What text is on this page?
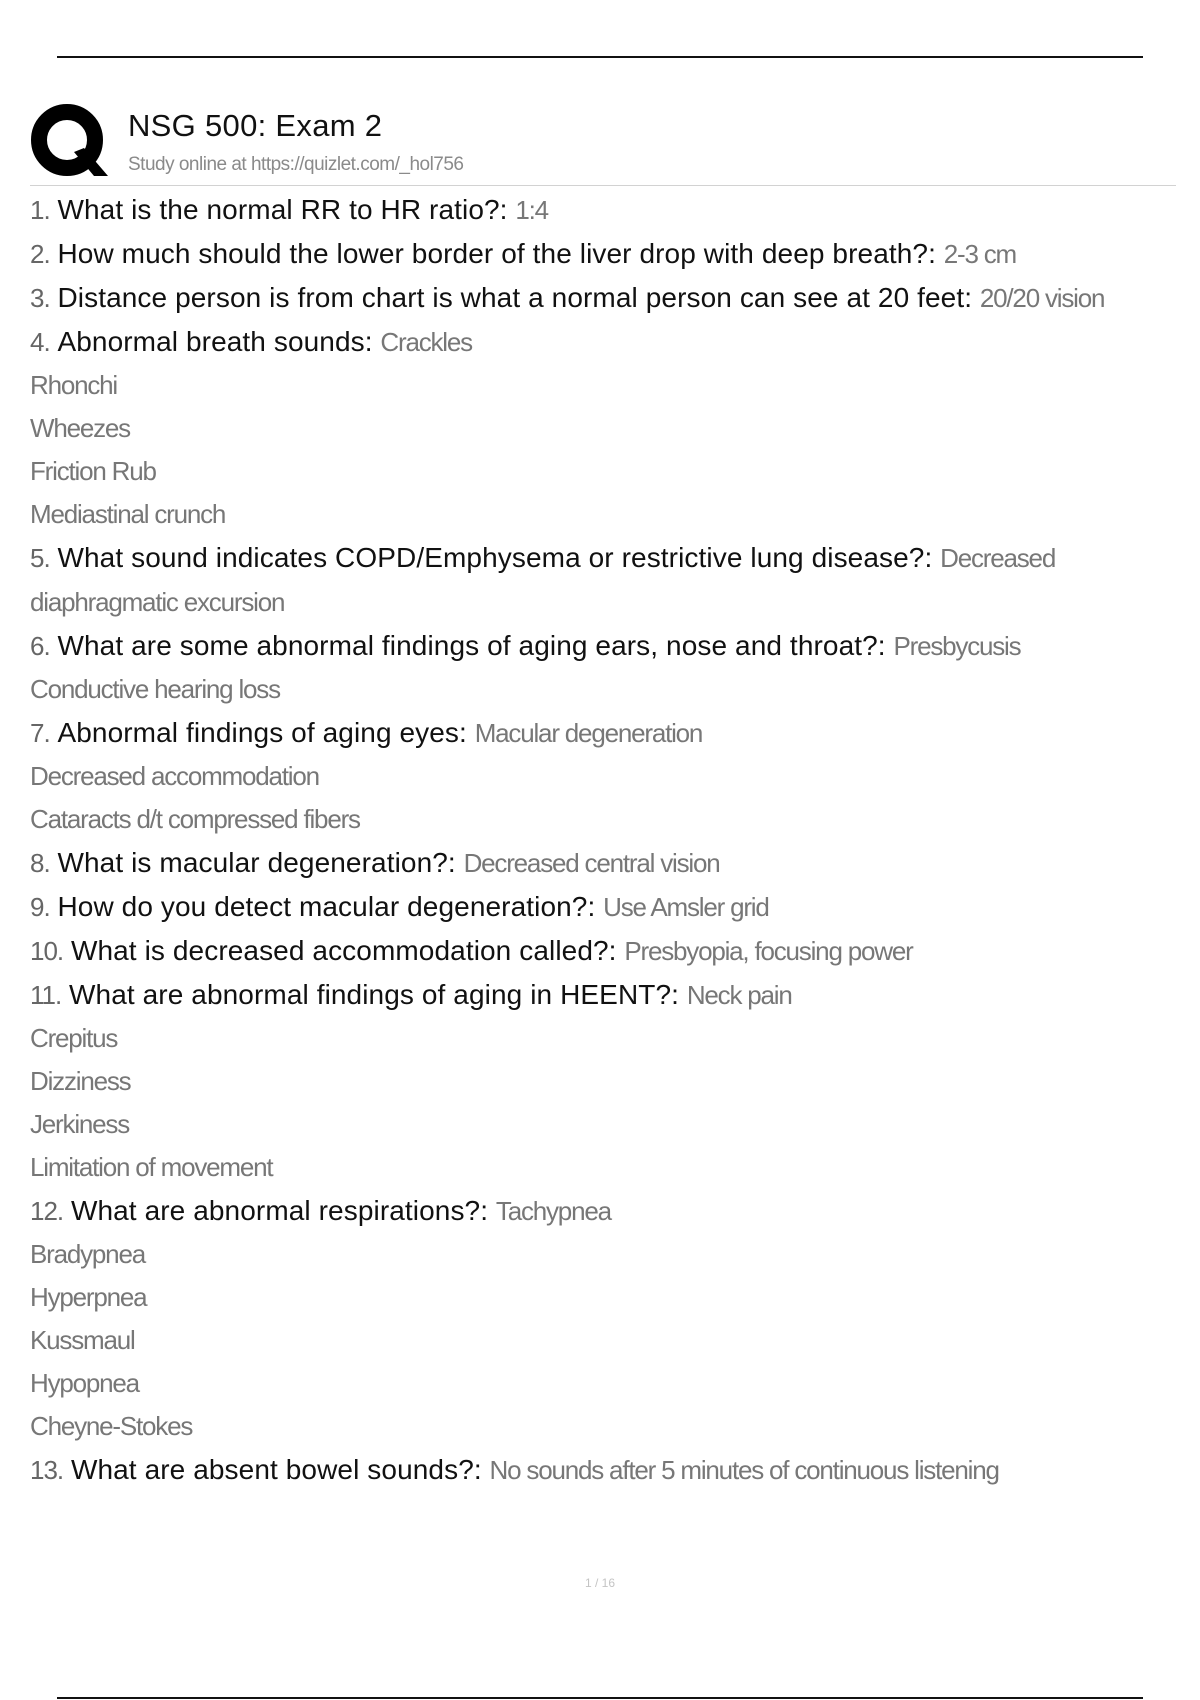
NSG 500: Exam 2
Study online at https://quizlet.com/_hol756
1. What is the normal RR to HR ratio?: 1:4
2. How much should the lower border of the liver drop with deep breath?: 2-3 cm
3. Distance person is from chart is what a normal person can see at 20 feet: 20/20 vision
4. Abnormal breath sounds: Crackles
Rhonchi
Wheezes
Friction Rub
Mediastinal crunch
5. What sound indicates COPD/Emphysema or restrictive lung disease?: Decreased diaphragmatic excursion
6. What are some abnormal findings of aging ears, nose and throat?: Presbycusis
Conductive hearing loss
7. Abnormal findings of aging eyes: Macular degeneration
Decreased accommodation
Cataracts d/t compressed fibers
8. What is macular degeneration?: Decreased central vision
9. How do you detect macular degeneration?: Use Amsler grid
10. What is decreased accommodation called?: Presbyopia, focusing power
11. What are abnormal findings of aging in HEENT?: Neck pain
Crepitus
Dizziness
Jerkiness
Limitation of movement
12. What are abnormal respirations?: Tachypnea
Bradypnea
Hyperpnea
Kussmaul
Hypopnea
Cheyne-Stokes
13. What are absent bowel sounds?: No sounds after 5 minutes of continuous listening
1 / 16
